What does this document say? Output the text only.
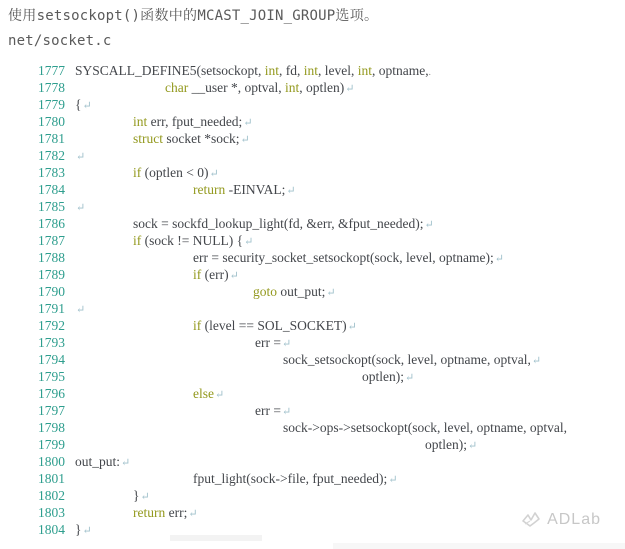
使用setsockopt()函数中的MCAST_JOIN_GROUP选项。
net/socket.c
1777 SYSCALL_DEFINE5(setsockopt, int, fd, int, level, int, optname,.
1778	char __user *, optval, int, optlen)↵
1779 {↵
1780	int err, fput_needed;↵
1781	struct socket *sock;↵
1782 ↵
1783	if (optlen < 0)↵
1784	return -EINVAL;↵
1785 ↵
1786	sock = sockfd_lookup_light(fd, &err, &fput_needed);↵
1787	if (sock != NULL) {↵
1788	err = security_socket_setsockopt(sock, level, optname);↵
1789	if (err)↵
1790	goto out_put;↵
1791 ↵
1792	if (level == SOL_SOCKET)↵
1793	err =↵
1794	sock_setsockopt(sock, level, optname, optval,↵
1795	optlen);↵
1796	else↵
1797	err =↵
1798	sock->ops->setsockopt(sock, level, optname, optval,
1799	optlen);↵
1800 out_put:↵
1801	fput_light(sock->file, fput_needed);↵
1802	}↵
1803	return err;↵
1804 }↵
ADLab
